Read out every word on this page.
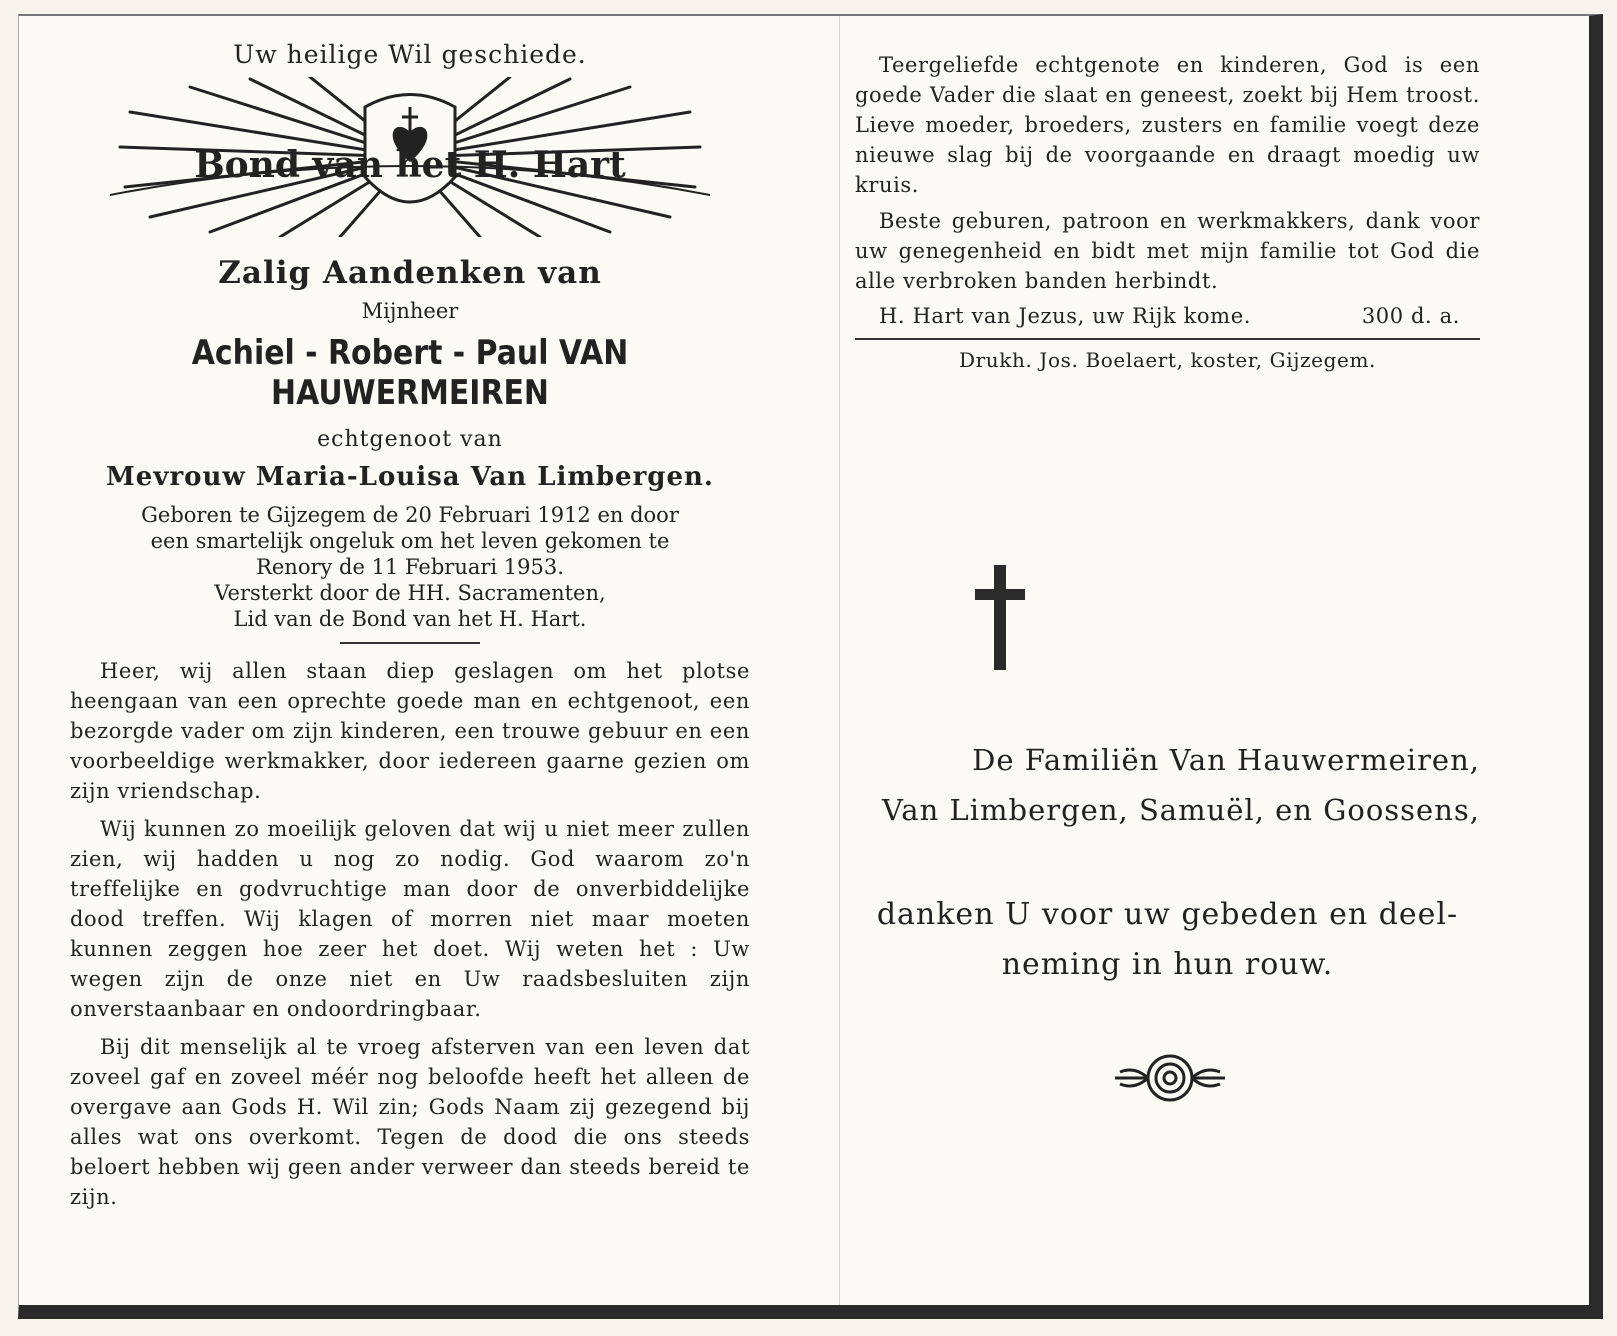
Uw heilige Wil geschiede.

Bond van het H. Hart

Zalig Aandenken van

Mijnheer

Achiel - Robert - Paul VAN HAUWERMEIREN

echtgenoot van

Mevrouw Maria-Louisa Van Limbergen.

Geboren te Gijzegem de 20 Februari 1912 en door
een smartelijk ongeluk om het leven gekomen te
Renory de 11 Februari 1953.
Versterkt door de HH. Sacramenten,
Lid van de Bond van het H. Hart.

Heer, wij allen staan diep geslagen om het plotse heengaan van een oprechte goede man en echtgenoot, een bezorgde vader om zijn kinderen, een trouwe gebuur en een voorbeeldige werkmakker, door iedereen gaarne gezien om zijn vriendschap.

Wij kunnen zo moeilijk geloven dat wij u niet meer zullen zien, wij hadden u nog zo nodig. God waarom zo'n treffelijke en godvruchtige man door de onverbiddelijke dood treffen. Wij klagen of morren niet maar moeten kunnen zeggen hoe zeer het doet. Wij weten het : Uw wegen zijn de onze niet en Uw raadsbesluiten zijn onverstaanbaar en ondoordringbaar.

Bij dit menselijk al te vroeg afsterven van een leven dat zoveel gaf en zoveel méér nog beloofde heeft het alleen de overgave aan Gods H. Wil zin; Gods Naam zij gezegend bij alles wat ons overkomt. Tegen de dood die ons steeds beloert hebben wij geen ander verweer dan steeds bereid te zijn.

Teergeliefde echtgenote en kinderen, God is een goede Vader die slaat en geneest, zoekt bij Hem troost. Lieve moeder, broeders, zusters en familie voegt deze nieuwe slag bij de voorgaande en draagt moedig uw kruis.

Beste geburen, patroon en werkmakkers, dank voor uw genegenheid en bidt met mijn familie tot God die alle verbroken banden herbindt.

H. Hart van Jezus, uw Rijk kome.	300 d. a.

Drukh. Jos. Boelaert, koster, Gijzegem.

De Familiën Van Hauwermeiren,
Van Limbergen, Samuël, en Goossens,
danken U voor uw gebeden en deel-
neming in hun rouw.
